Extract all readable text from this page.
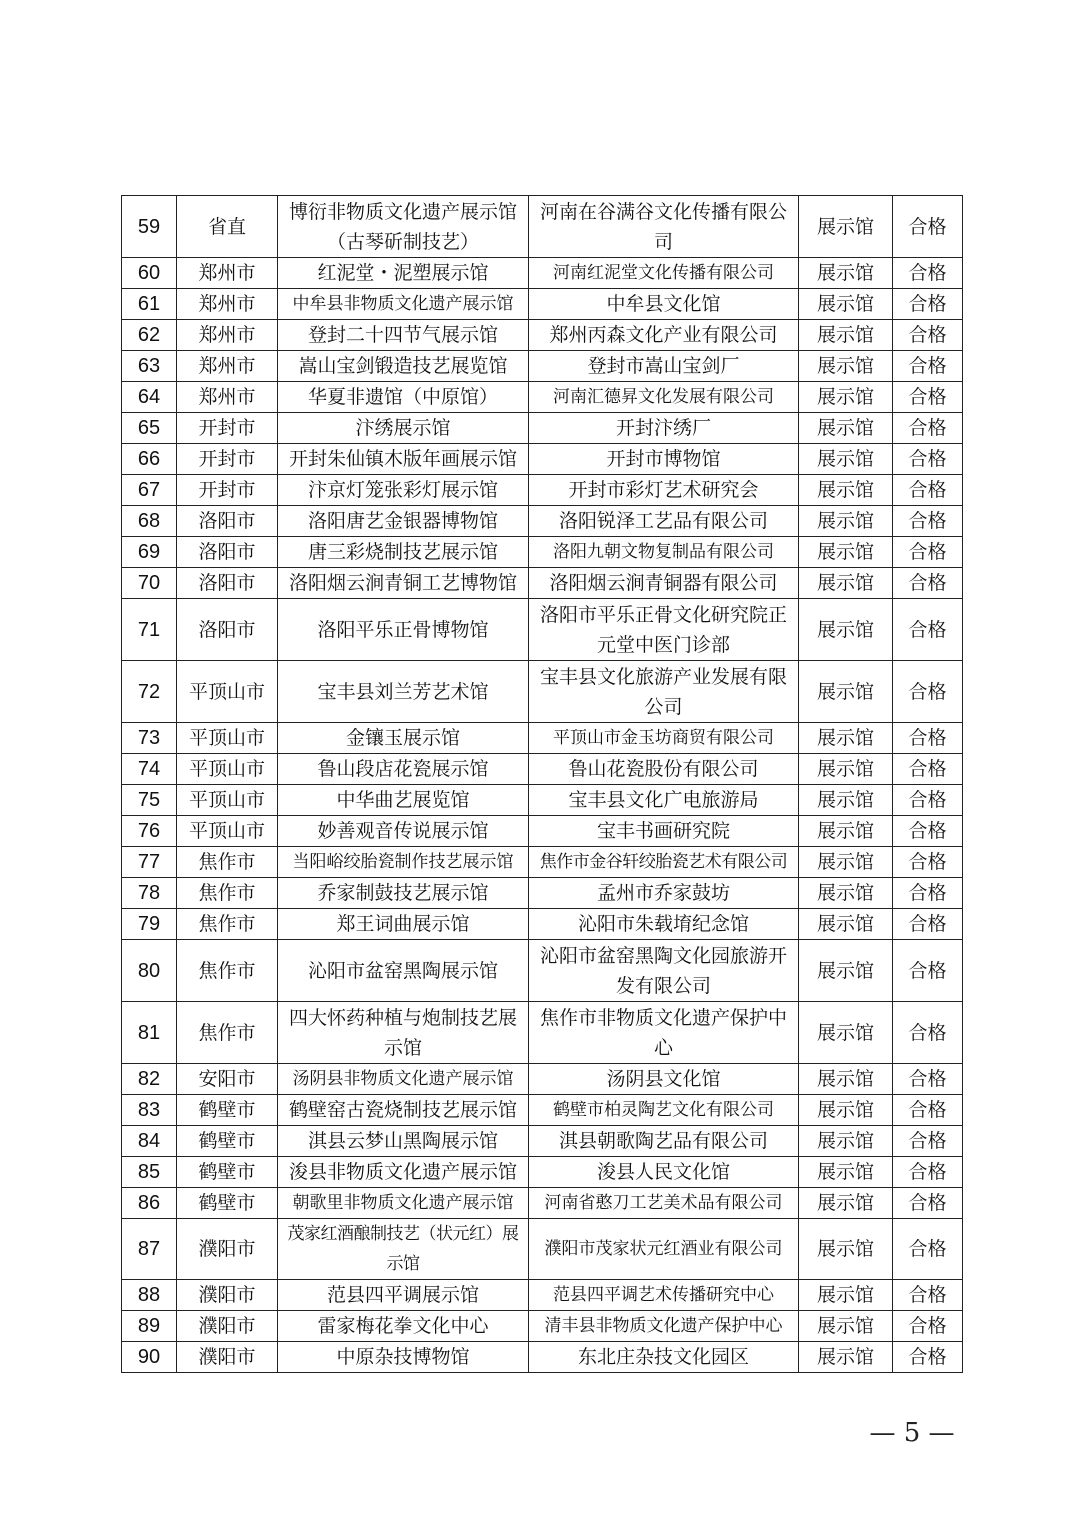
59	省直	博衍非物质文化遗产展示馆（古琴斫制技艺）	河南在谷满谷文化传播有限公司	展示馆	合格
60	郑州市	红泥堂・泥塑展示馆	河南红泥堂文化传播有限公司	展示馆	合格
61	郑州市	中牟县非物质文化遗产展示馆	中牟县文化馆	展示馆	合格
62	郑州市	登封二十四节气展示馆	郑州丙森文化产业有限公司	展示馆	合格
63	郑州市	嵩山宝剑锻造技艺展览馆	登封市嵩山宝剑厂	展示馆	合格
64	郑州市	华夏非遗馆（中原馆）	河南汇德昇文化发展有限公司	展示馆	合格
65	开封市	汴绣展示馆	开封汴绣厂	展示馆	合格
66	开封市	开封朱仙镇木版年画展示馆	开封市博物馆	展示馆	合格
67	开封市	汴京灯笼张彩灯展示馆	开封市彩灯艺术研究会	展示馆	合格
68	洛阳市	洛阳唐艺金银器博物馆	洛阳锐泽工艺品有限公司	展示馆	合格
69	洛阳市	唐三彩烧制技艺展示馆	洛阳九朝文物复制品有限公司	展示馆	合格
70	洛阳市	洛阳烟云涧青铜工艺博物馆	洛阳烟云涧青铜器有限公司	展示馆	合格
71	洛阳市	洛阳平乐正骨博物馆	洛阳市平乐正骨文化研究院正元堂中医门诊部	展示馆	合格
72	平顶山市	宝丰县刘兰芳艺术馆	宝丰县文化旅游产业发展有限公司	展示馆	合格
73	平顶山市	金镶玉展示馆	平顶山市金玉坊商贸有限公司	展示馆	合格
74	平顶山市	鲁山段店花瓷展示馆	鲁山花瓷股份有限公司	展示馆	合格
75	平顶山市	中华曲艺展览馆	宝丰县文化广电旅游局	展示馆	合格
76	平顶山市	妙善观音传说展示馆	宝丰书画研究院	展示馆	合格
77	焦作市	当阳峪绞胎瓷制作技艺展示馆	焦作市金谷轩绞胎瓷艺术有限公司	展示馆	合格
78	焦作市	乔家制鼓技艺展示馆	孟州市乔家鼓坊	展示馆	合格
79	焦作市	郑王词曲展示馆	沁阳市朱载堉纪念馆	展示馆	合格
80	焦作市	沁阳市盆窑黑陶展示馆	沁阳市盆窑黑陶文化园旅游开发有限公司	展示馆	合格
81	焦作市	四大怀药种植与炮制技艺展示馆	焦作市非物质文化遗产保护中心	展示馆	合格
82	安阳市	汤阴县非物质文化遗产展示馆	汤阴县文化馆	展示馆	合格
83	鹤壁市	鹤壁窑古瓷烧制技艺展示馆	鹤壁市柏灵陶艺文化有限公司	展示馆	合格
84	鹤壁市	淇县云梦山黑陶展示馆	淇县朝歌陶艺品有限公司	展示馆	合格
85	鹤壁市	浚县非物质文化遗产展示馆	浚县人民文化馆	展示馆	合格
86	鹤壁市	朝歌里非物质文化遗产展示馆	河南省憨刀工艺美术品有限公司	展示馆	合格
87	濮阳市	茂家红酒酿制技艺（状元红）展示馆	濮阳市茂家状元红酒业有限公司	展示馆	合格
88	濮阳市	范县四平调展示馆	范县四平调艺术传播研究中心	展示馆	合格
89	濮阳市	雷家梅花拳文化中心	清丰县非物质文化遗产保护中心	展示馆	合格
90	濮阳市	中原杂技博物馆	东北庄杂技文化园区	展示馆	合格
— 5 —
